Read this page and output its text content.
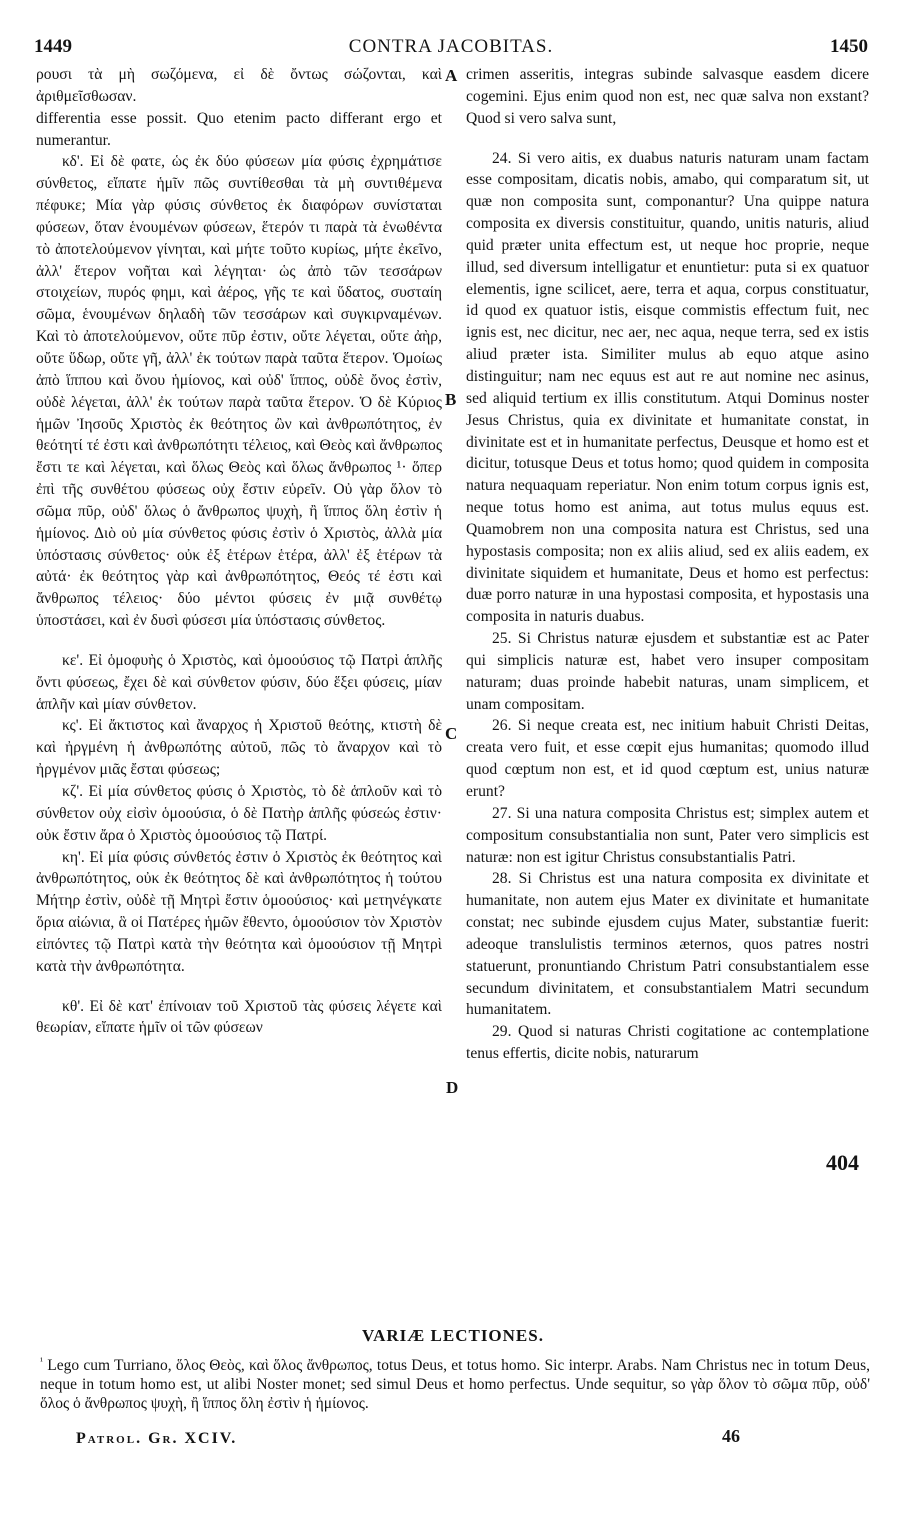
1449	CONTRA JACOBITAS.	1450

ρουσι τὰ μὴ σωζόμενα, εἰ δὲ ὄντως σώζονται, καὶ ἀριθμεῖσθωσαν.

differentia esse possit. Quo etenim pacto differant ergo et numerantur.

κδ'. Εἰ δὲ φατε, ὡς ἐκ δύο φύσεων μία φύσις ἐχρημάτισε σύνθετος, εἴπατε ἡμῖν πῶς συντίθεσθαι τὰ μὴ συντιθέμενα πέφυκε; Μία γὰρ φύσις σύνθετος ἐκ διαφόρων συνίσταται φύσεων, ὅταν ἑνουμένων φύσεων, ἕτερόν τι παρὰ τὰ ἑνωθέντα τὸ ἀποτελούμενον γίνηται, καὶ μήτε τοῦτο κυρίως, μήτε ἐκεῖνο, ἀλλ' ἕτερον νοῆται καὶ λέγηται· ὡς ἀπὸ τῶν τεσσάρων στοιχείων, πυρός φημι, καὶ ἀέρος, γῆς τε καὶ ὕδατος, συσταίη σῶμα, ἑνουμένων δηλαδὴ τῶν τεσσάρων καὶ συγκιρναμένων. Καὶ τὸ ἀποτελούμενον, οὔτε πῦρ ἐστιν, οὔτε λέγεται, οὔτε ἀὴρ, οὔτε ὕδωρ, οὔτε γῆ, ἀλλ' ἐκ τούτων παρὰ ταῦτα ἕτερον. Ὁμοίως ἀπὸ ἵππου καὶ ὄνου ἡμίονος, καὶ οὐδ' ἵππος, οὐδὲ ὄνος ἐστὶν, οὐδὲ λέγεται, ἀλλ' ἐκ τούτων παρὰ ταῦτα ἕτερον. Ὁ δὲ Κύριος ἡμῶν Ἰησοῦς Χριστὸς ἐκ θεότητος ὢν καὶ ἀνθρωπότητος, ἐν θεότητί τέ ἐστι καὶ ἀνθρωπότητι τέλειος, καὶ Θεὸς καὶ ἄνθρωπος ἔστι τε καὶ λέγεται, καὶ ὅλως Θεὸς καὶ ὅλως ἄνθρωπος ¹· ὅπερ ἐπὶ τῆς συνθέτου φύσεως οὐχ ἔστιν εὑρεῖν. Οὐ γὰρ ὅλον τὸ σῶμα πῦρ, οὐδ' ὅλως ὁ ἄνθρωπος ψυχὴ, ἢ ἵππος ὅλη ἐστὶν ἡ ἡμίονος. Διὸ οὐ μία σύνθετος φύσις ἐστὶν ὁ Χριστὸς, ἀλλὰ μία ὑπόστασις σύνθετος· οὐκ ἐξ ἑτέρων ἑτέρα, ἀλλ' ἐξ ἑτέρων τὰ αὐτά· ἐκ θεότητος γὰρ καὶ ἀνθρωπότητος, Θεός τέ ἐστι καὶ ἄνθρωπος τέλειος· δύο μέντοι φύσεις ἐν μιᾷ συνθέτῳ ὑποστάσει, καὶ ἐν δυσὶ φύσεσι μία ὑπόστασις σύνθετος.

κε'. Εἰ ὁμοφυὴς ὁ Χριστὸς, καὶ ὁμοούσιος τῷ Πατρὶ ἁπλῆς ὄντι φύσεως, ἔχει δὲ καὶ σύνθετον φύσιν, δύο ἕξει φύσεις, μίαν ἁπλῆν καὶ μίαν σύνθετον.

κς'. Εἰ ἄκτιστος καὶ ἄναρχος ἡ Χριστοῦ θεότης, κτιστὴ δὲ καὶ ἠργμένη ἡ ἀνθρωπότης αὐτοῦ, πῶς τὸ ἄναρχον καὶ τὸ ἠργμένον μιᾶς ἔσται φύσεως;

κζ'. Εἰ μία σύνθετος φύσις ὁ Χριστὸς, τὸ δὲ ἁπλοῦν καὶ τὸ σύνθετον οὐχ εἰσὶν ὁμοούσια, ὁ δὲ Πατὴρ ἁπλῆς φύσεώς ἐστιν· οὐκ ἔστιν ἄρα ὁ Χριστὸς ὁμοούσιος τῷ Πατρί.

κη'. Εἰ μία φύσις σύνθετός ἐστιν ὁ Χριστὸς ἐκ θεότητος καὶ ἀνθρωπότητος, οὐκ ἐκ θεότητος δὲ καὶ ἀνθρωπότητος ἡ τούτου Μήτηρ ἐστὶν, οὐδὲ τῇ Μητρὶ ἔστιν ὁμοούσιος· καὶ μετηνέγκατε ὅρια αἰώνια, ἃ οἱ Πατέρες ἡμῶν ἔθεντο, ὁμοούσιον τὸν Χριστὸν εἰπόντες τῷ Πατρὶ κατὰ τὴν θεότητα καὶ ὁμοούσιον τῇ Μητρὶ κατὰ τὴν ἀνθρωπότητα.

κθ'. Εἰ δὲ κατ' ἐπίνοιαν τοῦ Χριστοῦ τὰς φύσεις λέγετε καὶ θεωρίαν, εἴπατε ἡμῖν οἱ τῶν φύσεων

A
B
C
D

crimen asseritis, integras subinde salvasque easdem dicere cogemini. Ejus enim quod non est, nec quæ salva non exstant? Quod si vero salva sunt,

24. Si vero aitis, ex duabus naturis naturam unam factam esse compositam, dicatis nobis, amabo, qui comparatum sit, ut quæ non composita sunt, componantur? Una quippe natura composita ex diversis constituitur, quando, unitis naturis, aliud quid præter unita effectum est, ut neque hoc proprie, neque illud, sed diversum intelligatur et enuntietur: puta si ex quatuor elementis, igne scilicet, aere, terra et aqua, corpus constituatur, id quod ex quatuor istis, eisque commistis effectum fuit, nec ignis est, nec dicitur, nec aer, nec aqua, neque terra, sed ex istis aliud præter ista. Similiter mulus ab equo atque asino distinguitur; nam nec equus est aut re aut nomine nec asinus, sed aliquid tertium ex illis constitutum. Atqui Dominus noster Jesus Christus, quia ex divinitate et humanitate constat, in divinitate est et in humanitate perfectus, Deusque et homo est et dicitur, totusque Deus et totus homo; quod quidem in composita natura nequaquam reperiatur. Non enim totum corpus ignis est, neque totus homo est anima, aut totus mulus equus est. Quamobrem non una composita natura est Christus, sed una hypostasis composita; non ex aliis aliud, sed ex aliis eadem, ex divinitate siquidem et humanitate, Deus et homo est perfectus: duæ porro naturæ in una hypostasi composita, et hypostasis una composita in naturis duabus.

25. Si Christus naturæ ejusdem et substantiæ est ac Pater qui simplicis naturæ est, habet vero insuper compositam naturam; duas proinde habebit naturas, unam simplicem, et unam compositam.

26. Si neque creata est, nec initium habuit Christi Deitas, creata vero fuit, et esse cœpit ejus humanitas; quomodo illud quod cœptum non est, et id quod cœptum est, unius naturæ erunt?

27. Si una natura composita Christus est; simplex autem et compositum consubstantialia non sunt, Pater vero simplicis est naturæ: non est igitur Christus consubstantialis Patri.

28. Si Christus est una natura composita ex divinitate et humanitate, non autem ejus Mater ex divinitate et humanitate constat; nec subinde ejusdem cujus Mater, substantiæ fuerit: adeoque translulistis terminos æternos, quos patres nostri statuerunt, pronuntiando Christum Patri consubstantialem esse secundum divinitatem, et consubstantialem Matri secundum humanitatem.

29. Quod si naturas Christi cogitatione ac contemplatione tenus effertis, dicite nobis, naturarum

404
VARIÆ LECTIONES.
$^{^1}$ Lego cum Turriano, ὅλος Θεὸς, καὶ ὅλος ἄνθρωπος, totus Deus, et totus homo. Sic interpr. Arabs. Nam Christus nec in totum Deus, neque in totum homo est, ut alibi Noster monet; sed simul Deus et homo perfectus. Unde sequitur, so γὰρ ὅλον τὸ σῶμα πῦρ, οὐδ' ὅλος ὁ ἄνθρωπος ψυχὴ, ἢ ἵππος ὅλη ἐστὶν ἡ ἡμίονος.
Patrol. Gr. XCIV.	46
